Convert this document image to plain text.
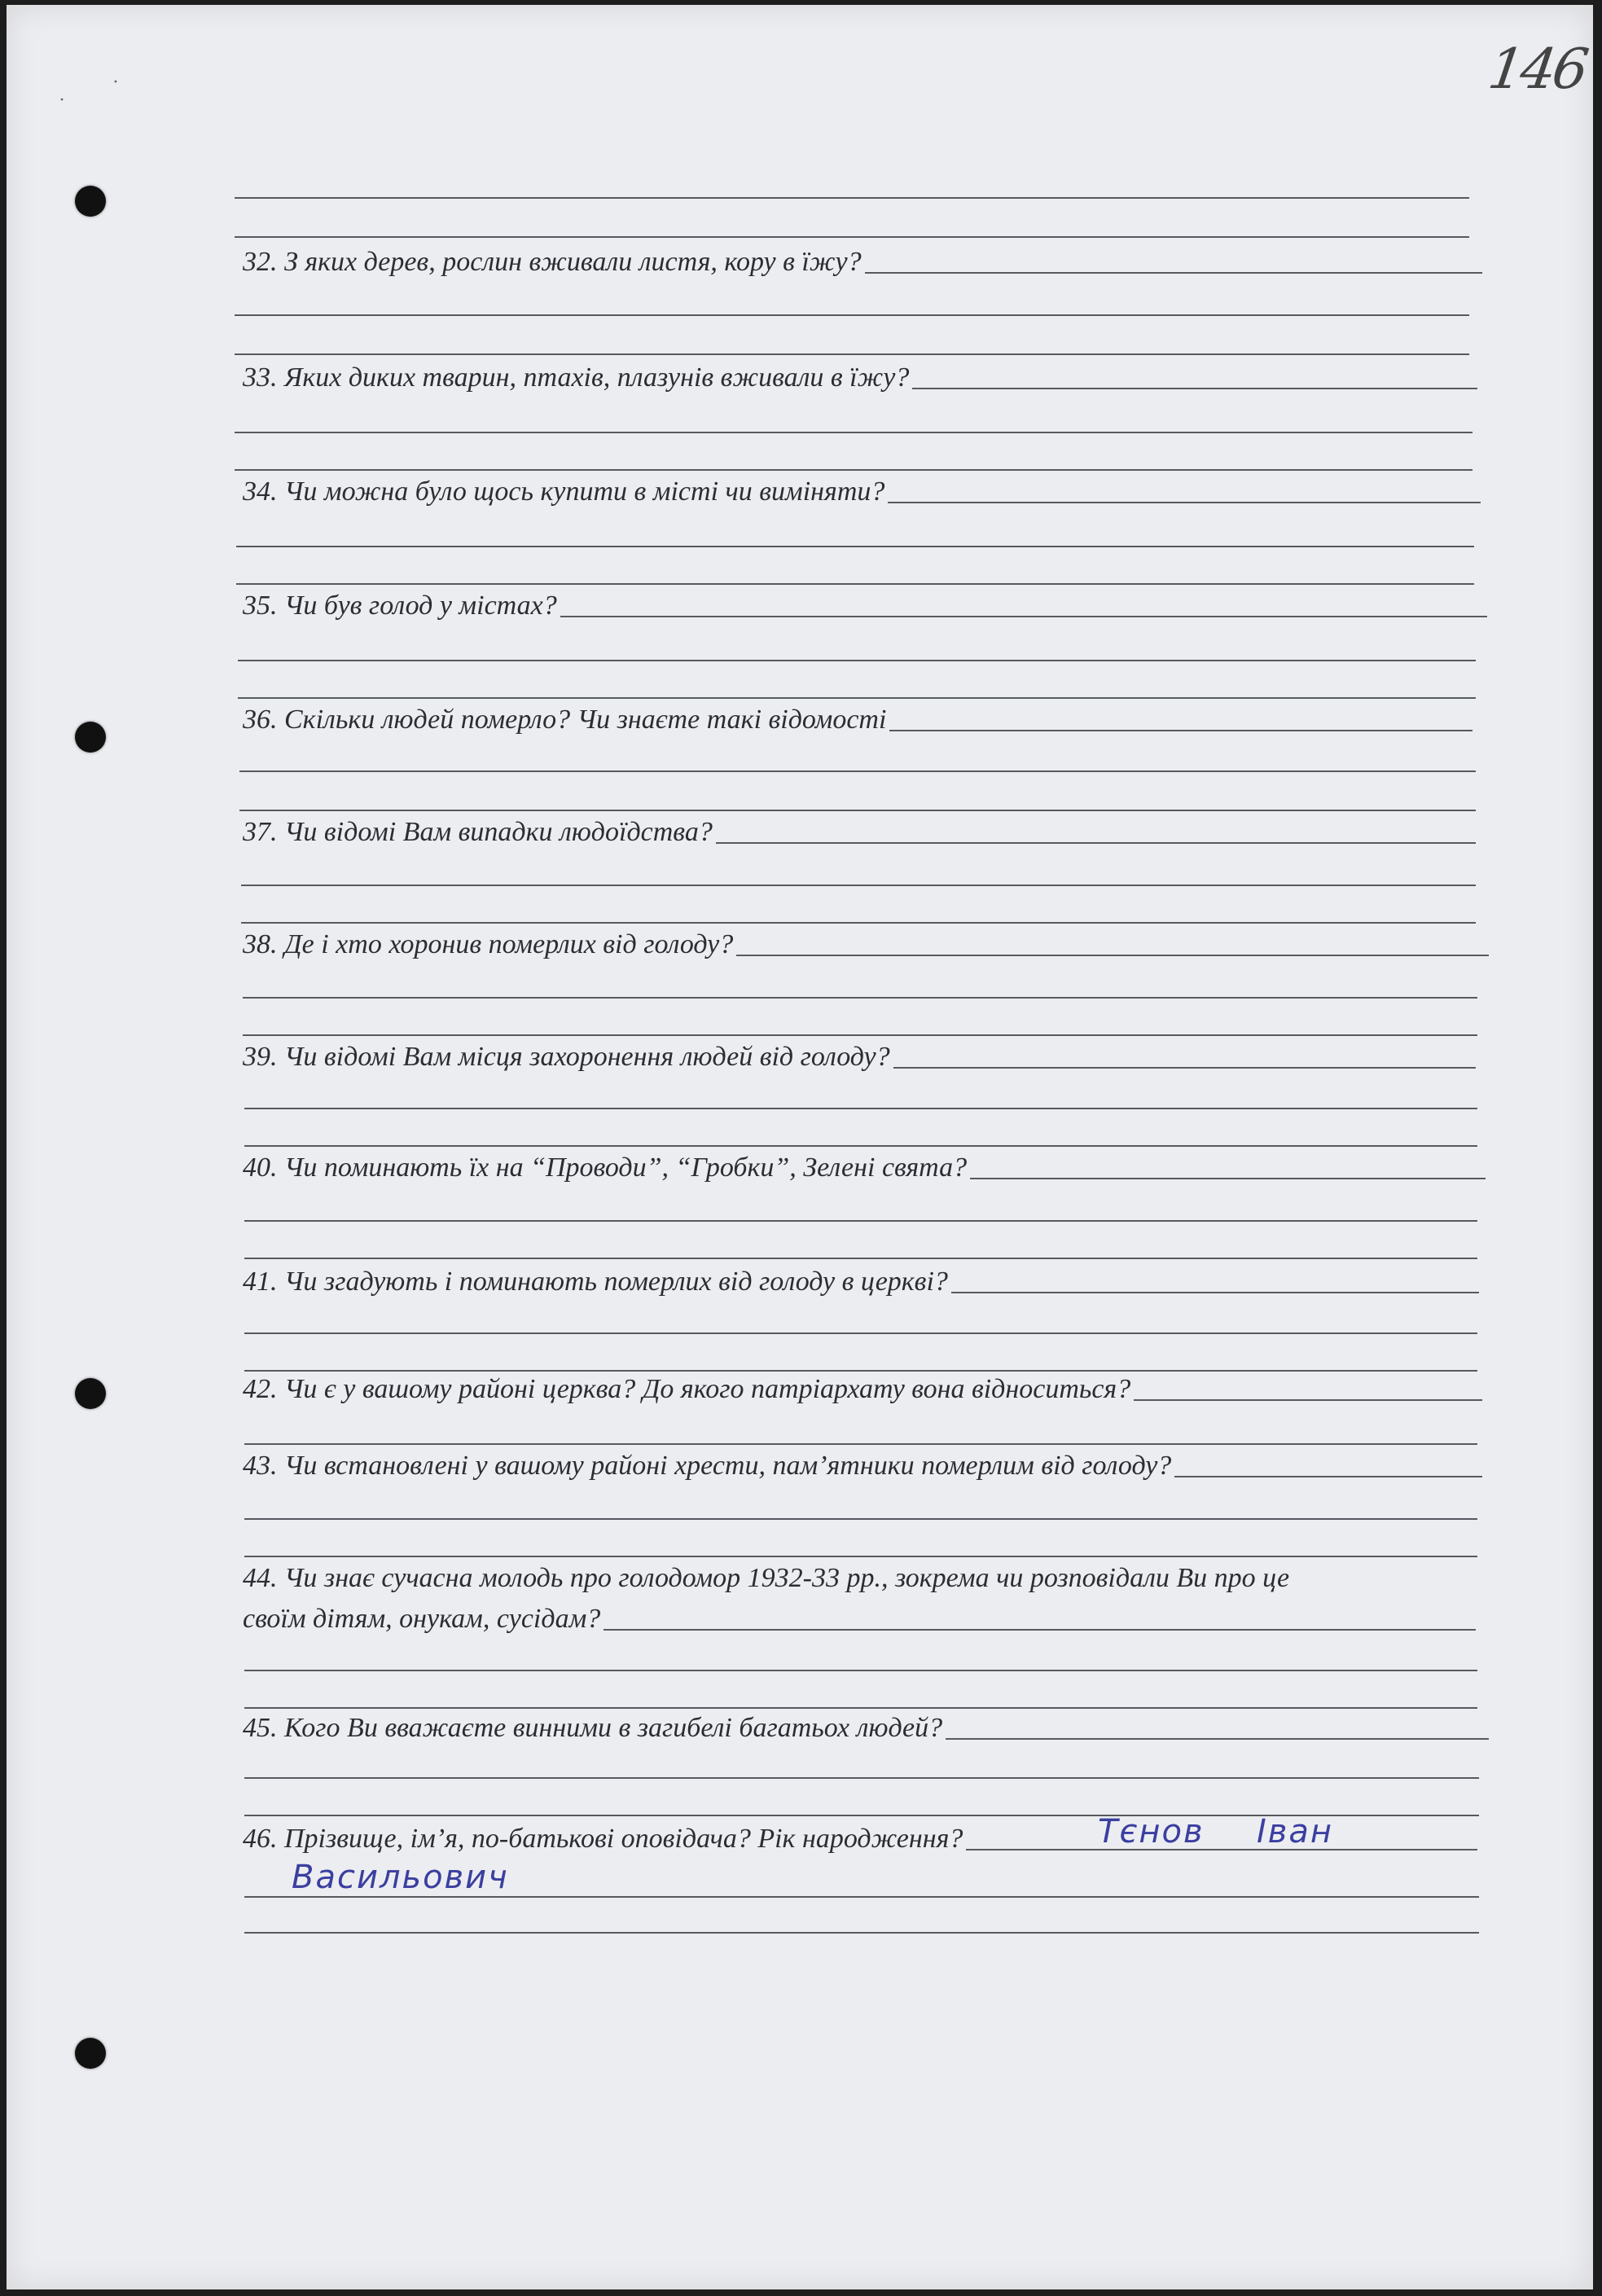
·
·	146
32. З яких дерев, рослин вживали листя, кору в їжу?
33. Яких диких тварин, птахів, плазунів вживали в їжу?
34. Чи можна було щось купити в місті чи виміняти?
35. Чи був голод у містах?
36. Скільки людей померло? Чи знаєте такі відомості
37. Чи відомі Вам випадки людоїдства?
38. Де і хто хоронив померлих від голоду?
39. Чи відомі Вам місця захоронення людей від голоду?
40. Чи поминають їх на “Проводи”, “Гробки”, Зелені свята?
41. Чи згадують і поминають померлих від голоду в церкві?
42. Чи є у вашому районі церква? До якого патріархату вона відноситься?
43. Чи встановлені у вашому районі хрести, пам’ятники померлим від голоду?
44. Чи знає сучасна молодь про голодомор 1932-33 рр., зокрема чи розповідали Ви про це
своїм дітям, онукам, сусідам?
45. Кого Ви вважаєте винними в загибелі багатьох людей?
46. Прізвище, ім’я, по-батькові оповідача? Рік народження?	Тєнов Іван
Васильович
